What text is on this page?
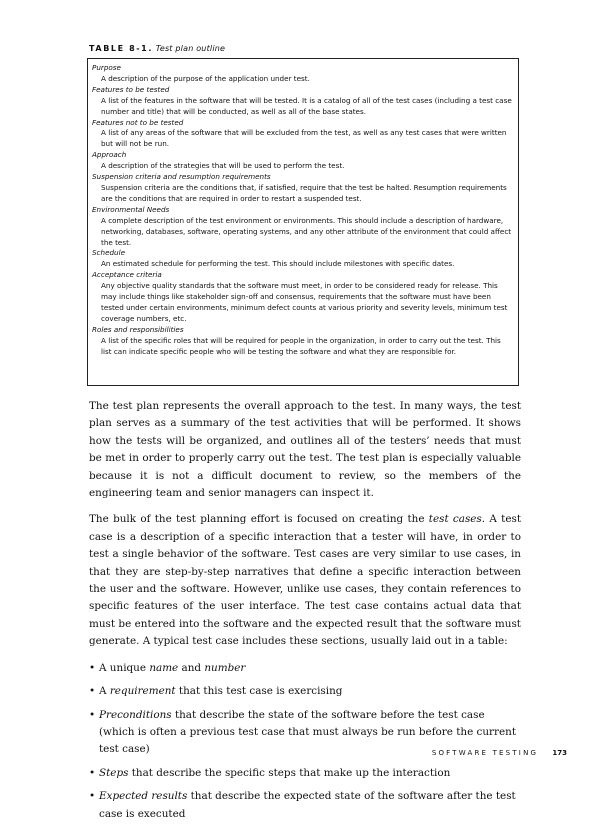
TABLE 8-1. Test plan outline
Purpose
A description of the purpose of the application under test.
Features to be tested
A list of the features in the software that will be tested. It is a catalog of all of the test cases (including a test case number and title) that will be conducted, as well as all of the base states.
Features not to be tested
A list of any areas of the software that will be excluded from the test, as well as any test cases that were written but will not be run.
Approach
A description of the strategies that will be used to perform the test.
Suspension criteria and resumption requirements
Suspension criteria are the conditions that, if satisfied, require that the test be halted. Resumption requirements are the conditions that are required in order to restart a suspended test.
Environmental Needs
A complete description of the test environment or environments. This should include a description of hardware, networking, databases, software, operating systems, and any other attribute of the environment that could affect the test.
Schedule
An estimated schedule for performing the test. This should include milestones with specific dates.
Acceptance criteria
Any objective quality standards that the software must meet, in order to be considered ready for release. This may include things like stakeholder sign-off and consensus, requirements that the software must have been tested under certain environments, minimum defect counts at various priority and severity levels, minimum test coverage numbers, etc.
Roles and responsibilities
A list of the specific roles that will be required for people in the organization, in order to carry out the test. This list can indicate specific people who will be testing the software and what they are responsible for.

The test plan represents the overall approach to the test. In many ways, the test plan serves as a summary of the test activities that will be performed. It shows how the tests will be organized, and outlines all of the testers’ needs that must be met in order to properly carry out the test. The test plan is especially valuable because it is not a difficult document to review, so the members of the engineering team and senior managers can inspect it.

The bulk of the test planning effort is focused on creating the test cases. A test case is a description of a specific interaction that a tester will have, in order to test a single behavior of the software. Test cases are very similar to use cases, in that they are step-by-step narratives that define a specific interaction between the user and the software. However, unlike use cases, they contain references to specific features of the user interface. The test case contains actual data that must be entered into the software and the expected result that the software must generate. A typical test case includes these sections, usually laid out in a table:

• A unique name and number
• A requirement that this test case is exercising
• Preconditions that describe the state of the software before the test case (which is often a previous test case that must always be run before the current test case)
• Steps that describe the specific steps that make up the interaction
• Expected results that describe the expected state of the software after the test case is executed
SOFTWARE TESTING 173
